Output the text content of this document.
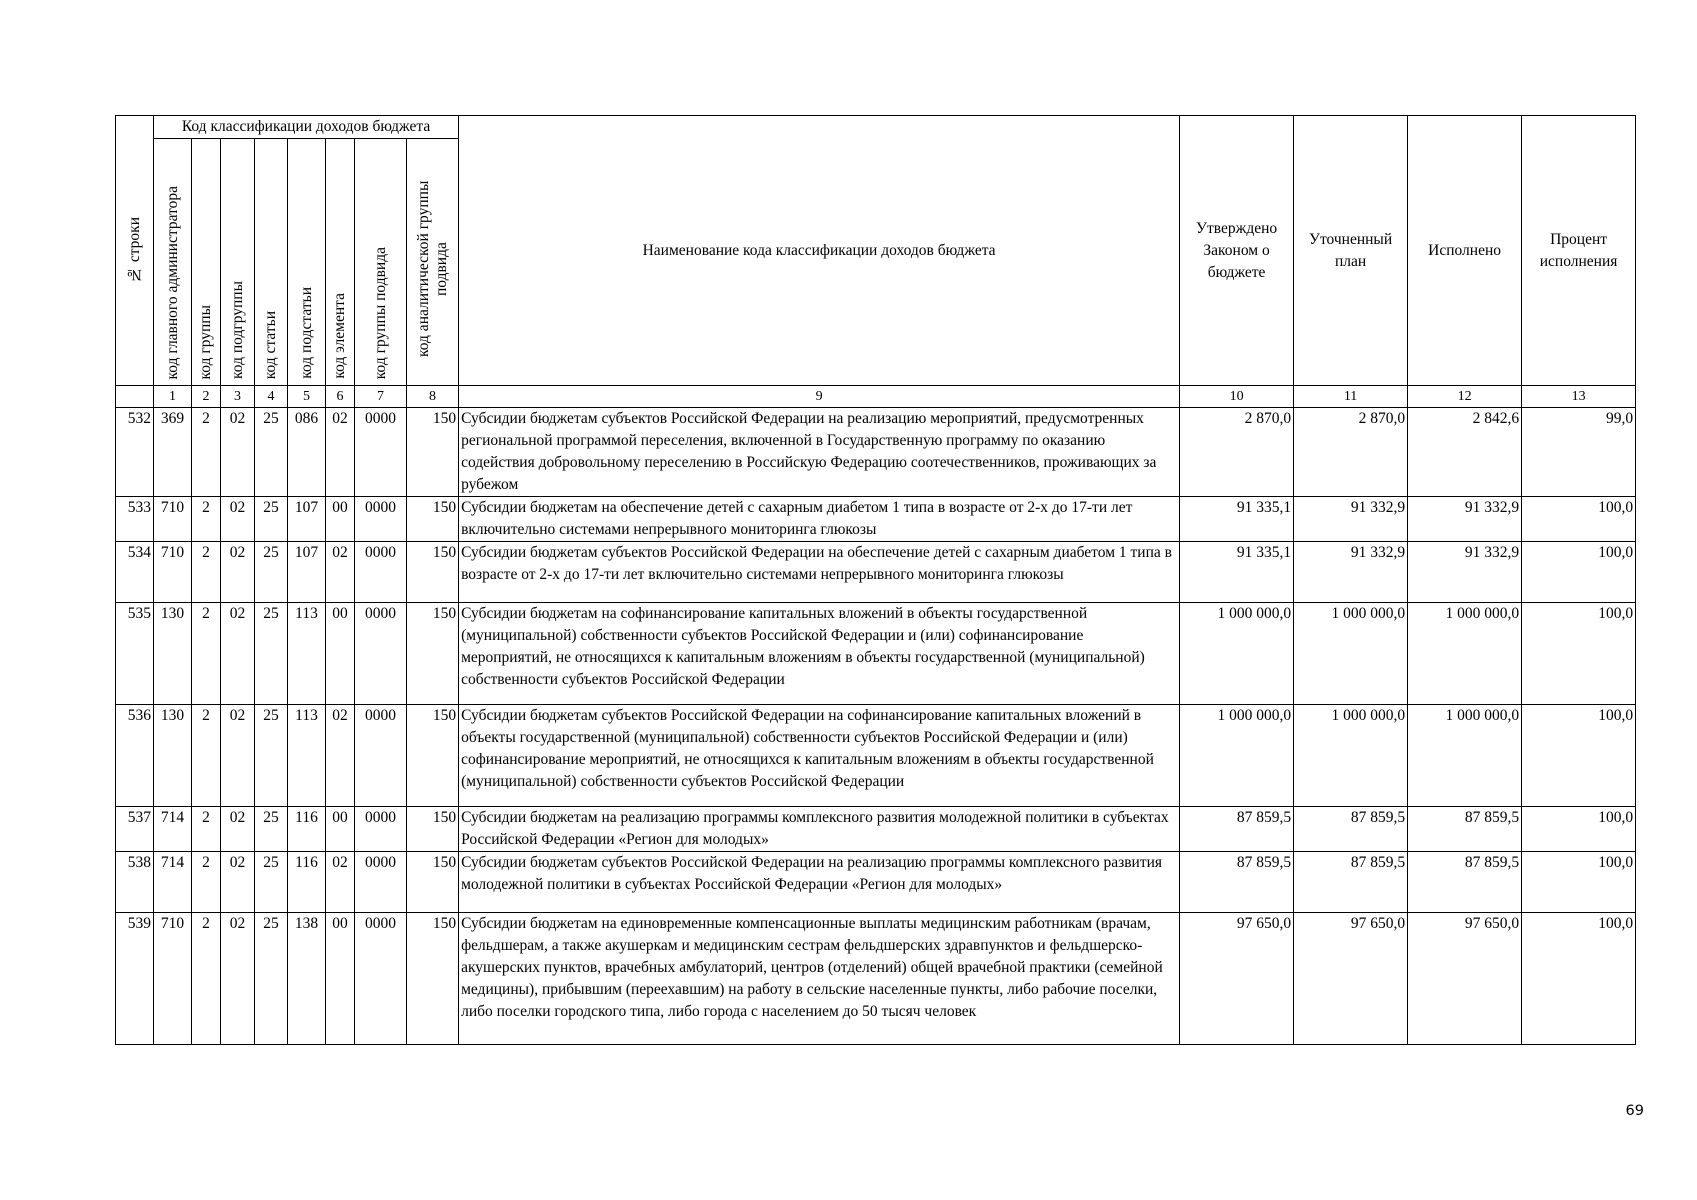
№ строки	Код классификации доходов бюджета								Наименование кода классификации доходов бюджета	Утверждено Законом о бюджете	Уточненный план	Исполнено	Процент исполнения

	код главного администратора	код группы	код подгруппы	код статьи	код подстатьи	код элемента	код группы подвида	код аналитической группы подвида					

	1	2	3	4	5	6	7	8	9	10	11	12	13
532	369	2	02	25	086	02	0000	150	Субсидии бюджетам субъектов Российской Федерации на реализацию мероприятий, предусмотренных региональной программой переселения, включенной в Государственную программу по оказанию содействия добровольному переселению в Российскую Федерацию соотечественников, проживающих за рубежом	2 870,0	2 870,0	2 842,6	99,0
533	710	2	02	25	107	00	0000	150	Субсидии бюджетам на обеспечение детей с сахарным диабетом 1 типа в возрасте от 2-х до 17-ти лет включительно системами непрерывного мониторинга глюкозы	91 335,1	91 332,9	91 332,9	100,0
534	710	2	02	25	107	02	0000	150	Субсидии бюджетам субъектов Российской Федерации на обеспечение детей с сахарным диабетом 1 типа в возрасте от 2-х до 17-ти лет включительно системами непрерывного мониторинга глюкозы	91 335,1	91 332,9	91 332,9	100,0
535	130	2	02	25	113	00	0000	150	Субсидии бюджетам на софинансирование капитальных вложений в объекты государственной (муниципальной) собственности субъектов Российской Федерации и (или) софинансирование мероприятий, не относящихся к капитальным вложениям в объекты государственной (муниципальной) собственности субъектов Российской Федерации	1 000 000,0	1 000 000,0	1 000 000,0	100,0
536	130	2	02	25	113	02	0000	150	Субсидии бюджетам субъектов Российской Федерации на софинансирование капитальных вложений в объекты государственной (муниципальной) собственности субъектов Российской Федерации и (или) софинансирование мероприятий, не относящихся к капитальным вложениям в объекты государственной (муниципальной) собственности субъектов Российской Федерации	1 000 000,0	1 000 000,0	1 000 000,0	100,0
537	714	2	02	25	116	00	0000	150	Субсидии бюджетам на реализацию программы комплексного развития молодежной политики в субъектах Российской Федерации «Регион для молодых»	87 859,5	87 859,5	87 859,5	100,0
538	714	2	02	25	116	02	0000	150	Субсидии бюджетам субъектов Российской Федерации на реализацию программы комплексного развития молодежной политики в субъектах Российской Федерации «Регион для молодых»	87 859,5	87 859,5	87 859,5	100,0
539	710	2	02	25	138	00	0000	150	Субсидии бюджетам на единовременные компенсационные выплаты медицинским работникам (врачам, фельдшерам, а также акушеркам и медицинским сестрам фельдшерских здравпунктов и фельдшерско-акушерских пунктов, врачебных амбулаторий, центров (отделений) общей врачебной практики (семейной медицины), прибывшим (переехавшим) на работу в сельские населенные пункты, либо рабочие поселки, либо поселки городского типа, либо города с населением до 50 тысяч человек	97 650,0	97 650,0	97 650,0	100,0
69
